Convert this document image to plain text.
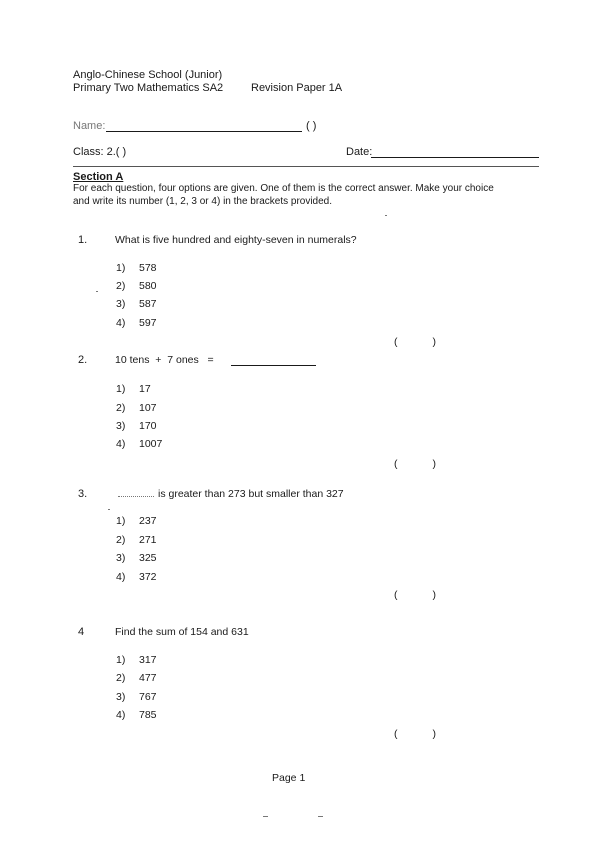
Anglo-Chinese School (Junior)
Primary Two Mathematics SA2	Revision Paper 1A
Name:	( )
Class: 2.( )	Date:
Section A
For each question, four options are given. One of them is the correct answer. Make your choice
and write its number (1, 2, 3 or 4) in the brackets provided.
1.	What is five hundred and eighty-seven in numerals?
1) 578
2) 580
3) 587
4) 597
(            )
2.	10 tens  +  7 ones   =
1) 17
2) 107
3) 170
4) 1007
(            )
3.	is greater than 273 but smaller than 327
1) 237
2) 271
3) 325
4) 372
(            )
4	Find the sum of 154 and 631
1) 317
2) 477
3) 767
4) 785
(            )
Page 1
